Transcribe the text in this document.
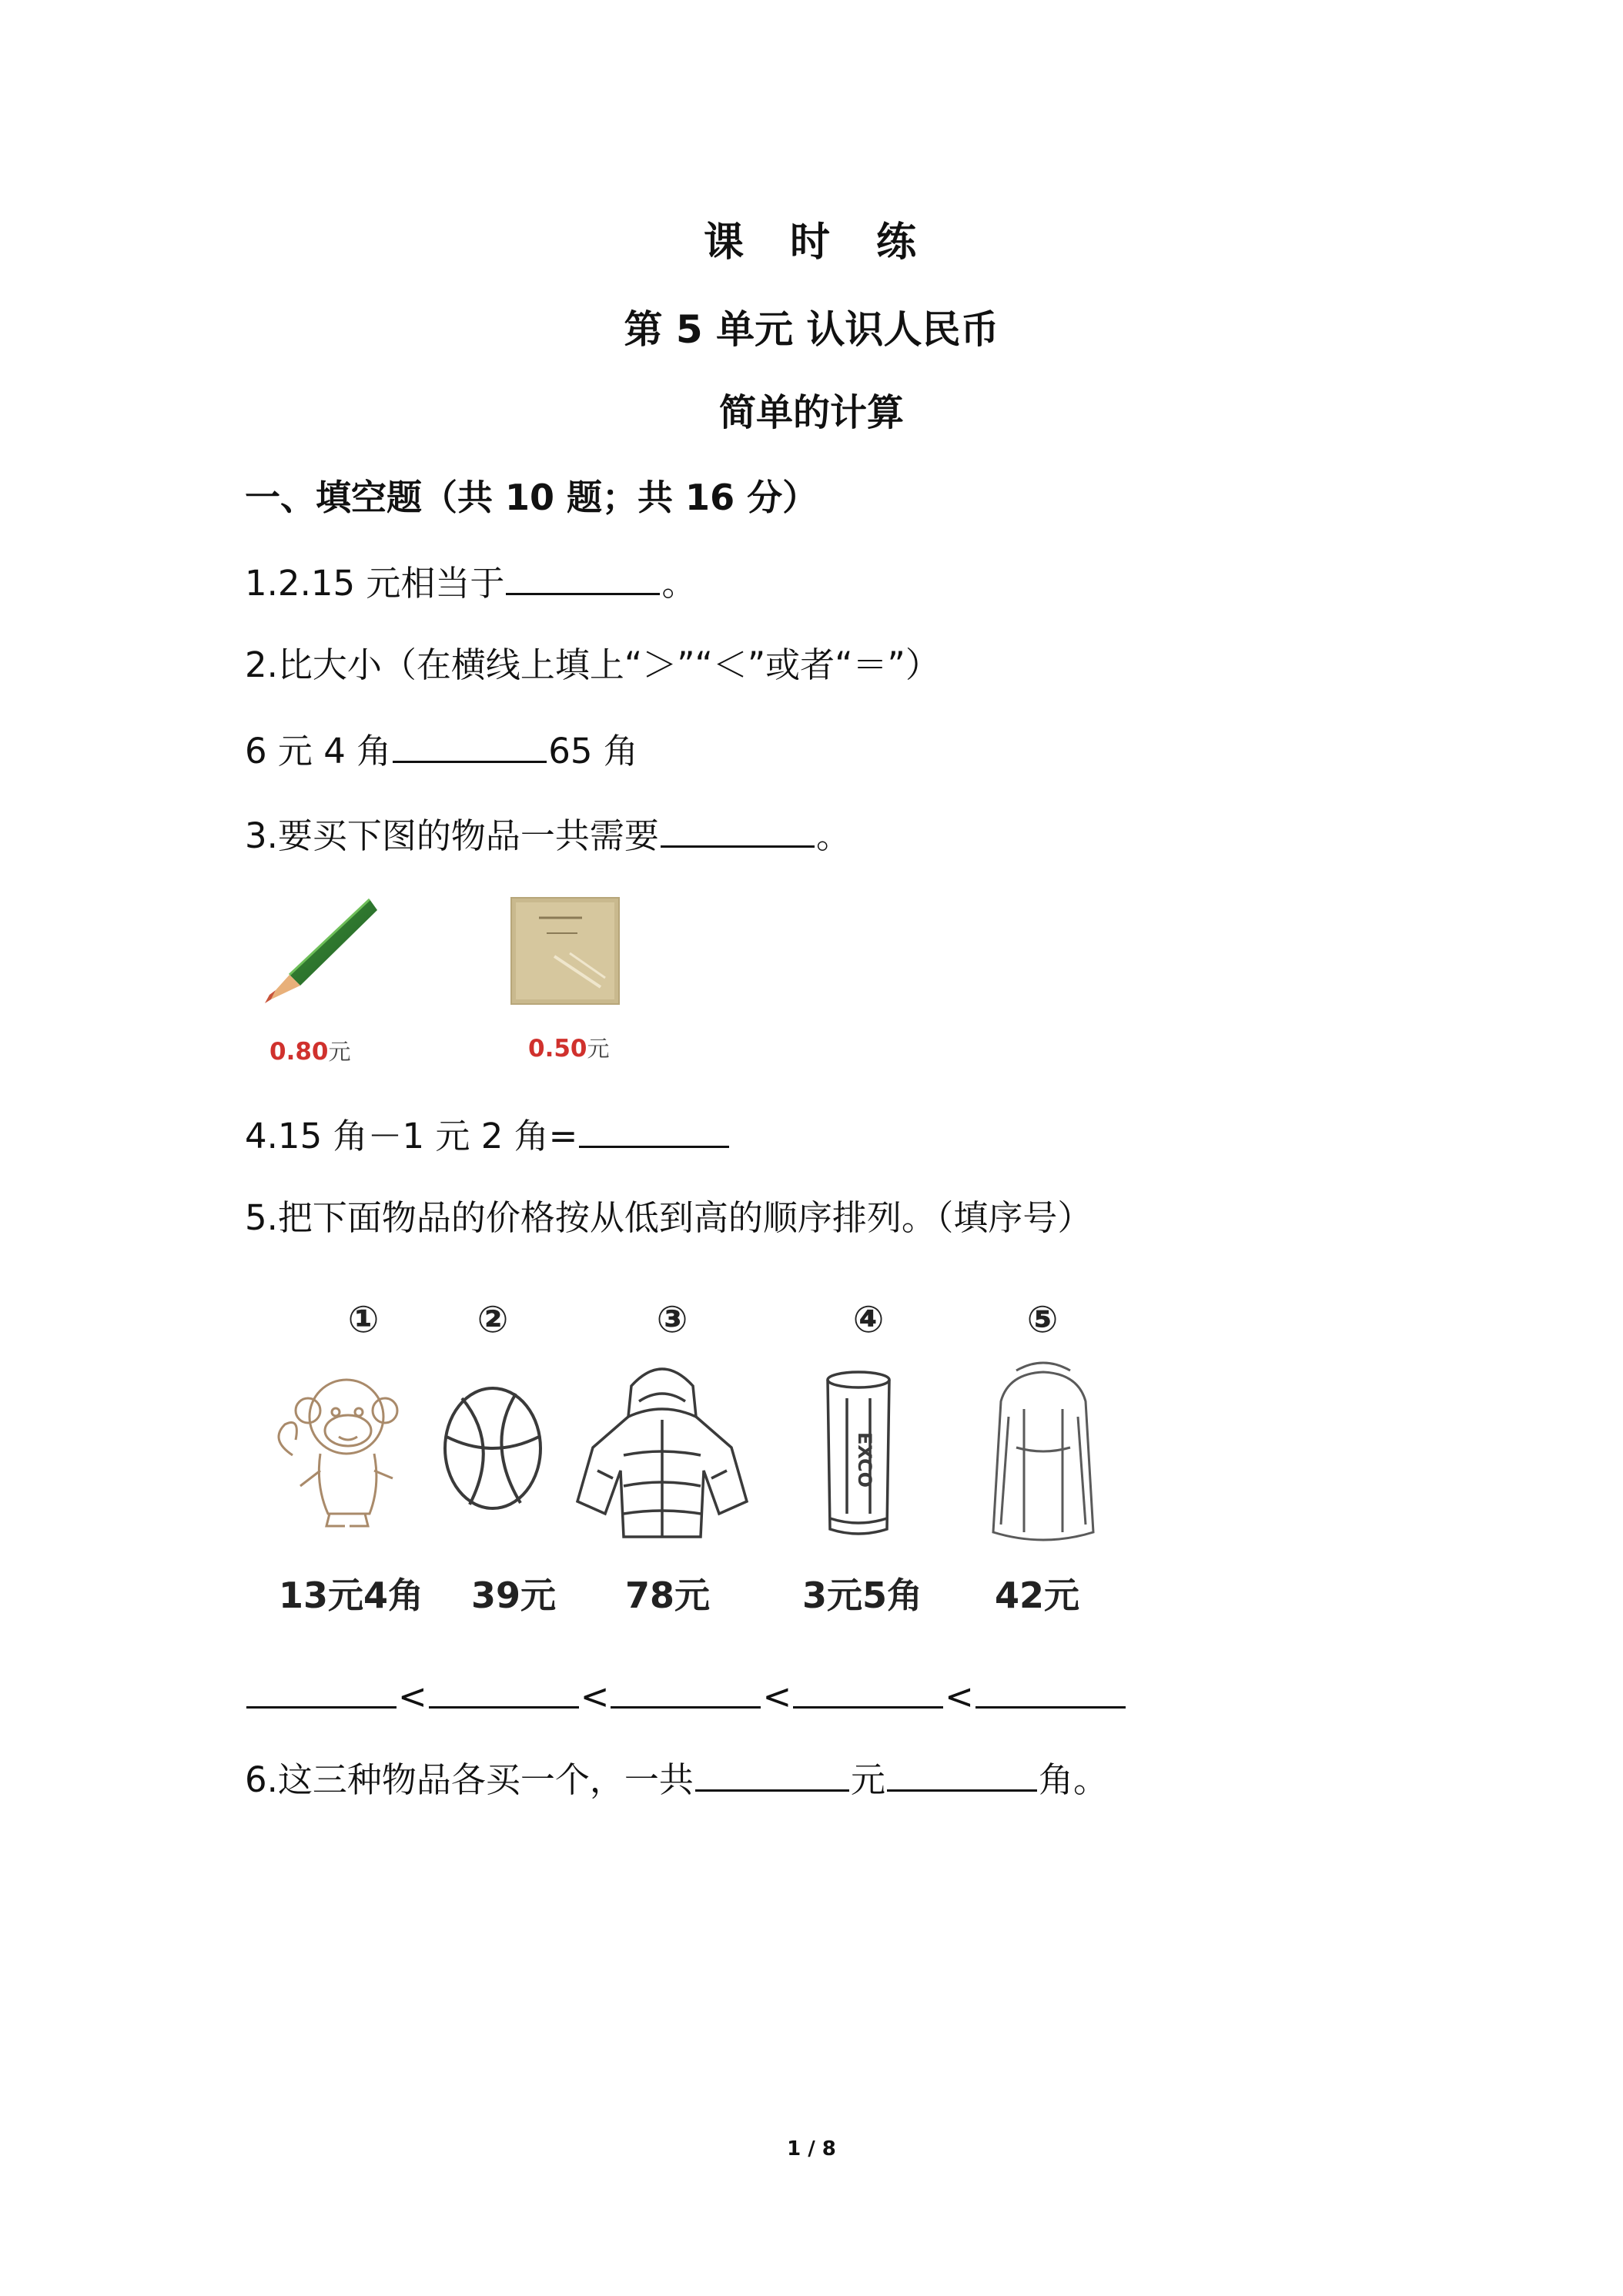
课　时　练
第 5 单元 认识人民币
简单的计算
一、填空题（共 10 题；共 16 分）
1.2.15 元相当于	。
2.比大小（在横线上填上“＞”“＜”或者“＝”）
6 元 4 角	65 角
3.要买下图的物品一共需要	。
0.80元	0.50元
4.15 角－1 元 2 角=
5.把下面物品的价格按从低到高的顺序排列。（填序号）
①	②	③	④	⑤
EXCO
13元4角 39元 78元	3元5角 42元
<	<	<	<
6.这三种物品各买一个，一共	元	角。
1 / 8
